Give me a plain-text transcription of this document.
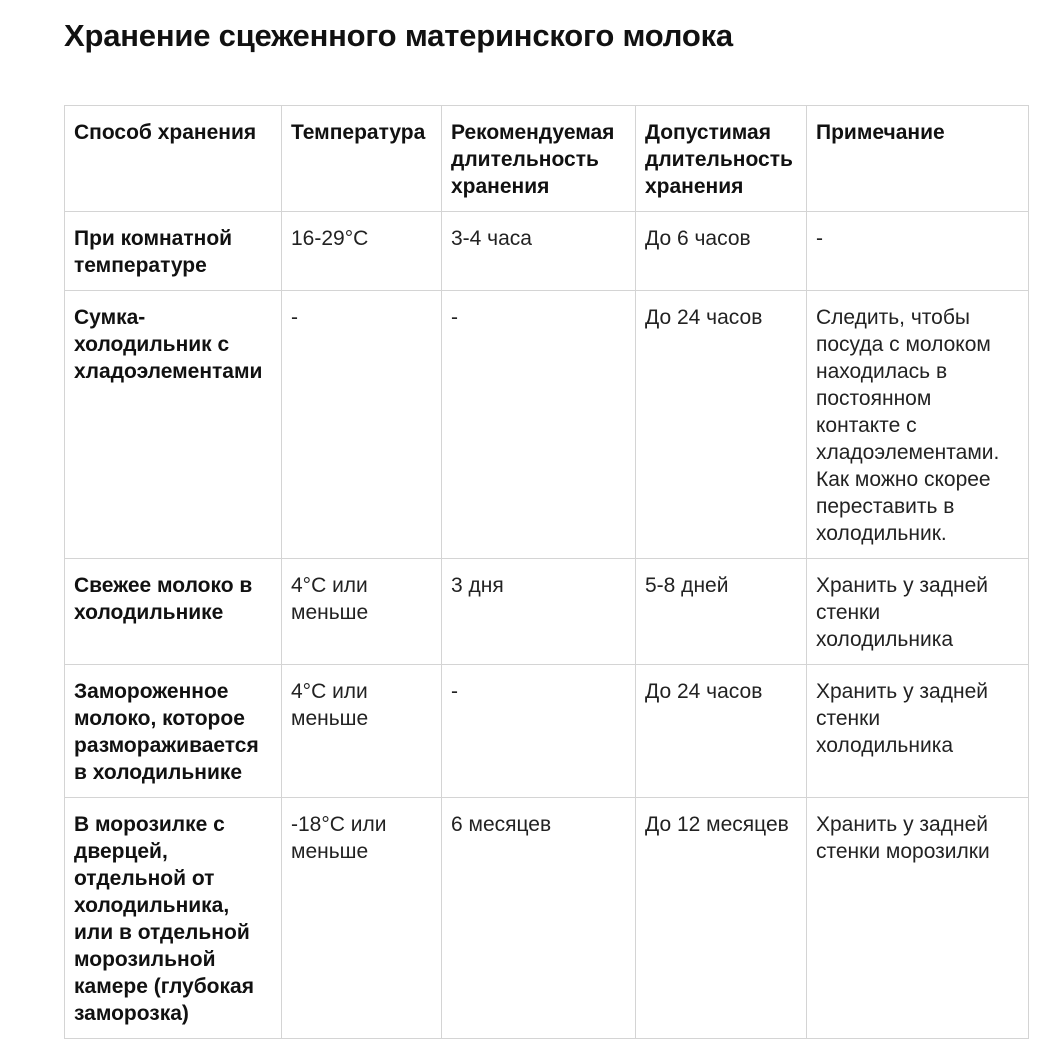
Хранение сцеженного материнского молока
Способ хранения	Температура	Рекомендуемая длительность хранения	Допустимая длительность хранения	Примечание
При комнатной температуре	16-29°C	3-4 часа	До 6 часов	-
Сумка-холодильник с хладоэлементами	-	-	До 24 часов	Следить, чтобы посуда с молоком находилась в постоянном контакте с хладоэлементами. Как можно скорее переставить в холодильник.
Свежее молоко в холодильнике	4°C или меньше	3 дня	5-8 дней	Хранить у задней стенки холодильника
Замороженное молоко, которое размораживается в холодильнике	4°C или меньше	-	До 24 часов	Хранить у задней стенки холодильника
В морозилке с дверцей, отдельной от холодильника, или в отдельной морозильной камере (глубокая заморозка)	-18°C или меньше	6 месяцев	До 12 месяцев	Хранить у задней стенки морозилки
